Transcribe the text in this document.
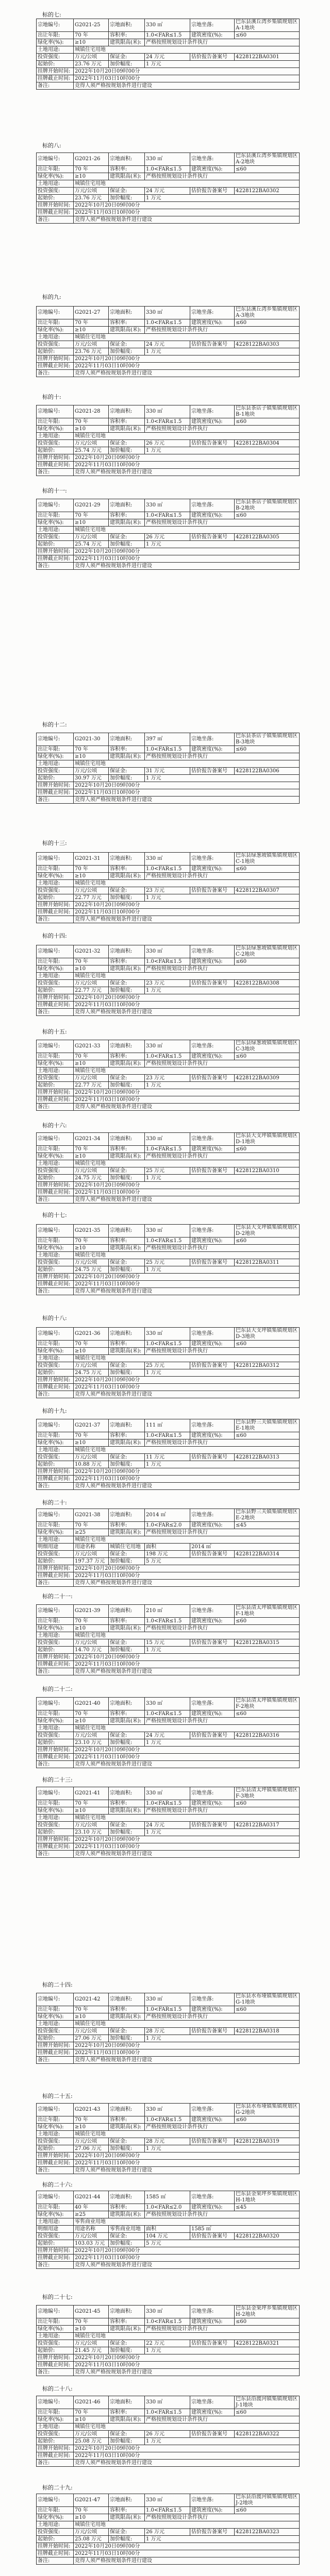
标的七:
宗地编号:	G2021-25	宗地面积:	330 ㎡	宗地坐落:	巴东县溪丘湾乡集镇规划区A-1地块
出让年限:	70 年	容积率:	1.0<FAR≤1.5	建筑密度(%):	≤60
绿化率(%):	≥10	建筑限高(米):	严格按照规划设计条件执行		
土地用途:	城镇住宅用地				
投资强度:	万元/公顷	保证金:	24 万元	估价报告备案号	4228122BA0301
起始价:	23.76 万元	加价幅度:	1 万元		
挂牌开始时间:	2022年10月20日09时00分				
挂牌截止时间:	2022年11月03日10时00分				
备注:	竞得人须严格按规划条件进行建设				
标的八:
宗地编号:	G2021-26	宗地面积:	330 ㎡	宗地坐落:	巴东县溪丘湾乡集镇规划区A-2地块
出让年限:	70 年	容积率:	1.0<FAR≤1.5	建筑密度(%):	≤60
绿化率(%):	≥10	建筑限高(米):	严格按照规划设计条件执行		
土地用途:	城镇住宅用地				
投资强度:	万元/公顷	保证金:	24 万元	估价报告备案号	4228122BA0302
起始价:	23.76 万元	加价幅度:	1 万元		
挂牌开始时间:	2022年10月20日09时00分				
挂牌截止时间:	2022年11月03日10时00分				
备注:	竞得人须严格按规划条件进行建设				
标的九:
宗地编号:	G2021-27	宗地面积:	330 ㎡	宗地坐落:	巴东县溪丘湾乡集镇规划区A-3地块
出让年限:	70 年	容积率:	1.0<FAR≤1.5	建筑密度(%):	≤60
绿化率(%):	≥10	建筑限高(米):	严格按照规划设计条件执行		
土地用途:	城镇住宅用地				
投资强度:	万元/公顷	保证金:	24 万元	估价报告备案号	4228122BA0303
起始价:	23.76 万元	加价幅度:	1 万元		
挂牌开始时间:	2022年10月20日09时00分				
挂牌截止时间:	2022年11月03日10时00分				
备注:	竞得人须严格按规划条件进行建设				
标的十:
宗地编号:	G2021-28	宗地面积:	330 ㎡	宗地坐落:	巴东县茶店子镇集镇规划区B-1地块
出让年限:	70 年	容积率:	1.0<FAR≤1.5	建筑密度(%):	≤60
绿化率(%):	≥10	建筑限高(米):	严格按照规划设计条件执行		
土地用途:	城镇住宅用地				
投资强度:	万元/公顷	保证金:	26 万元	估价报告备案号	4228122BA0304
起始价:	25.74 万元	加价幅度:	1 万元		
挂牌开始时间:	2022年10月20日09时00分				
挂牌截止时间:	2022年11月03日10时00分				
备注:	竞得人须严格按规划条件进行建设				
标的十一:
宗地编号:	G2021-29	宗地面积:	330 ㎡	宗地坐落:	巴东县茶店子镇集镇规划区B-2地块
出让年限:	70 年	容积率:	1.0<FAR≤1.5	建筑密度(%):	≤60
绿化率(%):	≥10	建筑限高(米):	严格按照规划设计条件执行		
土地用途:	城镇住宅用地				
投资强度:	万元/公顷	保证金:	26 万元	估价报告备案号	4228122BA0305
起始价:	25.74 万元	加价幅度:	1 万元		
挂牌开始时间:	2022年10月20日09时00分				
挂牌截止时间:	2022年11月03日10时00分				
备注:	竞得人须严格按规划条件进行建设				
标的十二:
宗地编号:	G2021-30	宗地面积:	397 ㎡	宗地坐落:	巴东县茶店子镇集镇规划区B-3地块
出让年限:	70 年	容积率:	1.0<FAR≤1.5	建筑密度(%):	≤60
绿化率(%):	≥10	建筑限高(米):	严格按照规划设计条件执行		
土地用途:	城镇住宅用地				
投资强度:	万元/公顷	保证金:	31 万元	估价报告备案号	4228122BA0306
起始价:	30.97 万元	加价幅度:	1 万元		
挂牌开始时间:	2022年10月20日09时00分				
挂牌截止时间:	2022年11月03日10时00分				
备注:	竞得人须严格按规划条件进行建设				
标的十三:
宗地编号:	G2021-31	宗地面积:	330 ㎡	宗地坐落:	巴东县绿葱坡镇集镇规划区C-1地块
出让年限:	70 年	容积率:	1.0<FAR≤1.5	建筑密度(%):	≤60
绿化率(%):	≥10	建筑限高(米):	严格按照规划设计条件执行		
土地用途:	城镇住宅用地				
投资强度:	万元/公顷	保证金:	23 万元	估价报告备案号	4228122BA0307
起始价:	22.77 万元	加价幅度:	1 万元		
挂牌开始时间:	2022年10月20日09时00分				
挂牌截止时间:	2022年11月03日10时00分				
备注:	竞得人须严格按规划条件进行建设				
标的十四:
宗地编号:	G2021-32	宗地面积:	330 ㎡	宗地坐落:	巴东县绿葱坡镇集镇规划区C-2地块
出让年限:	70 年	容积率:	1.0<FAR≤1.5	建筑密度(%):	≤60
绿化率(%):	≥10	建筑限高(米):	严格按照规划设计条件执行		
土地用途:	城镇住宅用地				
投资强度:	万元/公顷	保证金:	23 万元	估价报告备案号	4228122BA0308
起始价:	22.77 万元	加价幅度:	1 万元		
挂牌开始时间:	2022年10月20日09时00分				
挂牌截止时间:	2022年11月03日10时00分				
备注:	竞得人须严格按规划条件进行建设				
标的十五:
宗地编号:	G2021-33	宗地面积:	330 ㎡	宗地坐落:	巴东县绿葱坡镇集镇规划区C-3地块
出让年限:	70 年	容积率:	1.0<FAR≤1.5	建筑密度(%):	≤60
绿化率(%):	≥10	建筑限高(米):	严格按照规划设计条件执行		
土地用途:	城镇住宅用地				
投资强度:	万元/公顷	保证金:	23 万元	估价报告备案号	4228122BA0309
起始价:	22.77 万元	加价幅度:	1 万元		
挂牌开始时间:	2022年10月20日09时00分				
挂牌截止时间:	2022年11月03日10时00分				
备注:	竞得人须严格按规划条件进行建设				
标的十六:
宗地编号:	G2021-34	宗地面积:	330 ㎡	宗地坐落:	巴东县大支坪镇集镇规划区D-1地块
出让年限:	70 年	容积率:	1.0<FAR≤1.5	建筑密度(%):	≤60
绿化率(%):	≥10	建筑限高(米):	严格按照规划设计条件执行		
土地用途:	城镇住宅用地				
投资强度:	万元/公顷	保证金:	25 万元	估价报告备案号	4228122BA0310
起始价:	24.75 万元	加价幅度:	1 万元		
挂牌开始时间:	2022年10月20日09时00分				
挂牌截止时间:	2022年11月03日10时00分				
备注:	竞得人须严格按规划条件进行建设				
标的十七:
宗地编号:	G2021-35	宗地面积:	330 ㎡	宗地坐落:	巴东县大支坪镇集镇规划区D-2地块
出让年限:	70 年	容积率:	1.0<FAR≤1.5	建筑密度(%):	≤60
绿化率(%):	≥10	建筑限高(米):	严格按照规划设计条件执行		
土地用途:	城镇住宅用地				
投资强度:	万元/公顷	保证金:	25 万元	估价报告备案号	4228122BA0311
起始价:	24.75 万元	加价幅度:	1 万元		
挂牌开始时间:	2022年10月20日09时00分				
挂牌截止时间:	2022年11月03日10时00分				
备注:	竞得人须严格按规划条件进行建设				
标的十八:
宗地编号:	G2021-36	宗地面积:	330 ㎡	宗地坐落:	巴东县大支坪镇集镇规划区D-3地块
出让年限:	70 年	容积率:	1.0<FAR≤1.5	建筑密度(%):	≤60
绿化率(%):	≥10	建筑限高(米):	严格按照规划设计条件执行		
土地用途:	城镇住宅用地				
投资强度:	万元/公顷	保证金:	25 万元	估价报告备案号	4228122BA0312
起始价:	24.75 万元	加价幅度:	1 万元		
挂牌开始时间:	2022年10月20日09时00分				
挂牌截止时间:	2022年11月03日10时00分				
备注:	竞得人须严格按规划条件进行建设				
标的十九:
宗地编号:	G2021-37	宗地面积:	111 ㎡	宗地坐落:	巴东县野三关镇集镇规划区E-1地块
出让年限:	70 年	容积率:	1.0<FAR≤1.5	建筑密度(%):	≤60
绿化率(%):	≥10	建筑限高(米):	严格按照规划设计条件执行		
土地用途:	城镇住宅用地				
投资强度:	万元/公顷	保证金:	11 万元	估价报告备案号	4228122BA0313
起始价:	10.88 万元	加价幅度:	1 万元		
挂牌开始时间:	2022年10月20日09时00分				
挂牌截止时间:	2022年11月03日10时00分				
备注:	竞得人须严格按规划条件进行建设				
标的二十:
宗地编号:	G2021-38	宗地面积:	2014 ㎡	宗地坐落:	巴东县野三关镇集镇规划区E-2地块
出让年限:	70 年	容积率:	1.0<FAR≤2.0	建筑密度(%):	≤45
绿化率(%):	≥25	建筑限高(米):	严格按照规划设计条件执行		
土地用途:	城镇住宅用地				
明细用途	用途名称	城镇住宅用地	面积	2014 ㎡	
投资强度:	万元/公顷	保证金:	198 万元	估价报告备案号	4228122BA0314
起始价:	197.37 万元	加价幅度:	5 万元		
挂牌开始时间:	2022年10月20日09时00分				
挂牌截止时间:	2022年11月03日10时00分				
备注:	竞得人须严格按规划条件进行建设				
标的二十一:
宗地编号:	G2021-39	宗地面积:	210 ㎡	宗地坐落:	巴东县清太坪镇集镇规划区F-1地块
出让年限:	70 年	容积率:	1.0<FAR≤1.5	建筑密度(%):	≤60
绿化率(%):	≥10	建筑限高(米):	严格按照规划设计条件执行		
土地用途:	城镇住宅用地				
投资强度:	万元/公顷	保证金:	15 万元	估价报告备案号	4228122BA0315
起始价:	14.70 万元	加价幅度:	1 万元		
挂牌开始时间:	2022年10月20日09时00分				
挂牌截止时间:	2022年11月03日10时00分				
备注:	竞得人须严格按规划条件进行建设				
标的二十二:
宗地编号:	G2021-40	宗地面积:	330 ㎡	宗地坐落:	巴东县清太坪镇集镇规划区F-2地块
出让年限:	70 年	容积率:	1.0<FAR≤1.5	建筑密度(%):	≤60
绿化率(%):	≥10	建筑限高(米):	严格按照规划设计条件执行		
土地用途:	城镇住宅用地				
投资强度:	万元/公顷	保证金:	24 万元	估价报告备案号	4228122BA0316
起始价:	23.10 万元	加价幅度:	1 万元		
挂牌开始时间:	2022年10月20日09时00分				
挂牌截止时间:	2022年11月03日10时00分				
备注:	竞得人须严格按规划条件进行建设				
标的二十三:
宗地编号:	G2021-41	宗地面积:	330 ㎡	宗地坐落:	巴东县清太坪镇集镇规划区F-3地块
出让年限:	70 年	容积率:	1.0<FAR≤1.5	建筑密度(%):	≤60
绿化率(%):	≥10	建筑限高(米):	严格按照规划设计条件执行		
土地用途:	城镇住宅用地				
投资强度:	万元/公顷	保证金:	24 万元	估价报告备案号	4228122BA0317
起始价:	23.10 万元	加价幅度:	1 万元		
挂牌开始时间:	2022年10月20日09时00分				
挂牌截止时间:	2022年11月03日10时00分				
备注:	竞得人须严格按规划条件进行建设				
标的二十四:
宗地编号:	G2021-42	宗地面积:	330 ㎡	宗地坐落:	巴东县水布垭镇集镇规划区G-1地块
出让年限:	70 年	容积率:	1.0<FAR≤1.5	建筑密度(%):	≤60
绿化率(%):	≥10	建筑限高(米):	严格按照规划设计条件执行		
土地用途:	城镇住宅用地				
投资强度:	万元/公顷	保证金:	28 万元	估价报告备案号	4228122BA0318
起始价:	27.06 万元	加价幅度:	1 万元		
挂牌开始时间:	2022年10月20日09时00分				
挂牌截止时间:	2022年11月03日10时00分				
备注:	竞得人须严格按规划条件进行建设				
标的二十五:
宗地编号:	G2021-43	宗地面积:	330 ㎡	宗地坐落:	巴东县水布垭镇集镇规划区G-2地块
出让年限:	70 年	容积率:	1.0<FAR≤1.5	建筑密度(%):	≤60
绿化率(%):	≥10	建筑限高(米):	严格按照规划设计条件执行		
土地用途:	城镇住宅用地				
投资强度:	万元/公顷	保证金:	28 万元	估价报告备案号	4228122BA0319
起始价:	27.06 万元	加价幅度:	1 万元		
挂牌开始时间:	2022年10月20日09时00分				
挂牌截止时间:	2022年11月03日10时00分				
备注:	竞得人须严格按规划条件进行建设				
标的二十六:
宗地编号:	G2021-44	宗地面积:	1585 ㎡	宗地坐落:	巴东县金果坪乡集镇规划区H-1地块
出让年限:	40 年	容积率:	1.0<FAR≤2.0	建筑密度(%):	≤45
绿化率(%):	≥25	建筑限高(米):	严格按照规划设计条件执行		
土地用途:	零售商业用地				
明细用途	用途名称	零售商业用地	面积	1585 ㎡	
投资强度:	万元/公顷	保证金:	104 万元	估价报告备案号	4228122BA0320
起始价:	103.03 万元	加价幅度:	5 万元		
挂牌开始时间:	2022年10月20日09时00分				
挂牌截止时间:	2022年11月03日10时00分				
备注:	竞得人须严格按规划条件进行建设				
标的二十七:
宗地编号:	G2021-45	宗地面积:	330 ㎡	宗地坐落:	巴东县金果坪乡集镇规划区H-2地块
出让年限:	70 年	容积率:	1.0<FAR≤1.5	建筑密度(%):	≤60
绿化率(%):	≥10	建筑限高(米):	严格按照规划设计条件执行		
土地用途:	城镇住宅用地				
投资强度:	万元/公顷	保证金:	22 万元	估价报告备案号	4228122BA0321
起始价:	21.45 万元	加价幅度:	1 万元		
挂牌开始时间:	2022年10月20日09时00分				
挂牌截止时间:	2022年11月03日10时00分				
备注:	竞得人须严格按规划条件进行建设				
标的二十八:
宗地编号:	G2021-46	宗地面积:	330 ㎡	宗地坐落:	巴东县沿渡河镇集镇规划区J-1地块
出让年限:	70 年	容积率:	1.0<FAR≤1.5	建筑密度(%):	≤60
绿化率(%):	≥10	建筑限高(米):	严格按照规划设计条件执行		
土地用途:	城镇住宅用地				
投资强度:	万元/公顷	保证金:	26 万元	估价报告备案号	4228122BA0322
起始价:	25.08 万元	加价幅度:	1 万元		
挂牌开始时间:	2022年10月20日09时00分				
挂牌截止时间:	2022年11月03日10时00分				
备注:	竞得人须严格按规划条件进行建设				
标的二十九:
宗地编号:	G2021-47	宗地面积:	330 ㎡	宗地坐落:	巴东县沿渡河镇集镇规划区J-2地块
出让年限:	70 年	容积率:	1.0<FAR≤1.5	建筑密度(%):	≤60
绿化率(%):	≥10	建筑限高(米):	严格按照规划设计条件执行		
土地用途:	城镇住宅用地				
投资强度:	万元/公顷	保证金:	26 万元	估价报告备案号	4228122BA0323
起始价:	25.08 万元	加价幅度:	1 万元		
挂牌开始时间:	2022年10月20日09时00分				
挂牌截止时间:	2022年11月03日10时00分				
备注:	竞得人须严格按规划条件进行建设				
